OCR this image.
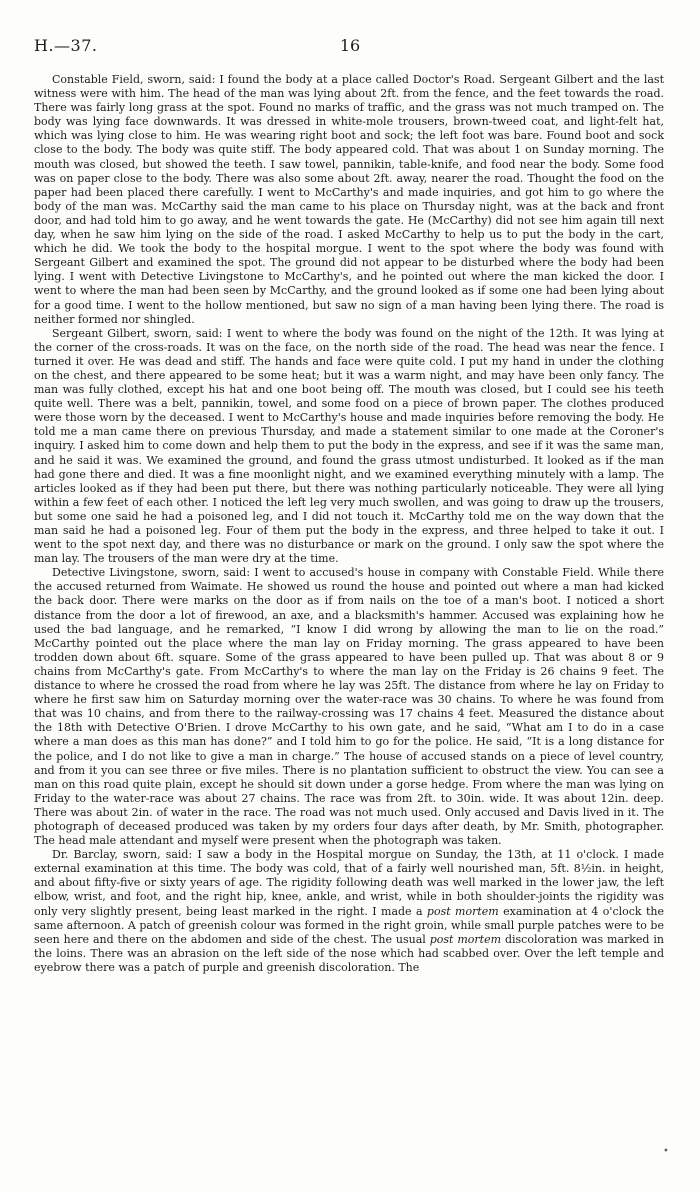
H.—37.	16

Constable Field, sworn, said: I found the body at a place called Doctor's Road. Sergeant Gilbert and the last witness were with him. The head of the man was lying about 2ft. from the fence, and the feet towards the road. There was fairly long grass at the spot. Found no marks of traffic, and the grass was not much tramped on. The body was lying face downwards. It was dressed in white-mole trousers, brown-tweed coat, and light-felt hat, which was lying close to him. He was wearing right boot and sock; the left foot was bare. Found boot and sock close to the body. The body was quite stiff. The body appeared cold. That was about 1 on Sunday morning. The mouth was closed, but showed the teeth. I saw towel, pannikin, table-knife, and food near the body. Some food was on paper close to the body. There was also some about 2ft. away, nearer the road. Thought the food on the paper had been placed there carefully. I went to McCarthy's and made inquiries, and got him to go where the body of the man was. McCarthy said the man came to his place on Thursday night, was at the back and front door, and had told him to go away, and he went towards the gate. He (McCarthy) did not see him again till next day, when he saw him lying on the side of the road. I asked McCarthy to help us to put the body in the cart, which he did. We took the body to the hospital morgue. I went to the spot where the body was found with Sergeant Gilbert and examined the spot. The ground did not appear to be disturbed where the body had been lying. I went with Detective Livingstone to McCarthy's, and he pointed out where the man kicked the door. I went to where the man had been seen by McCarthy, and the ground looked as if some one had been lying about for a good time. I went to the hollow mentioned, but saw no sign of a man having been lying there. The road is neither formed nor shingled.

Sergeant Gilbert, sworn, said: I went to where the body was found on the night of the 12th. It was lying at the corner of the cross-roads. It was on the face, on the north side of the road. The head was near the fence. I turned it over. He was dead and stiff. The hands and face were quite cold. I put my hand in under the clothing on the chest, and there appeared to be some heat; but it was a warm night, and may have been only fancy. The man was fully clothed, except his hat and one boot being off. The mouth was closed, but I could see his teeth quite well. There was a belt, pannikin, towel, and some food on a piece of brown paper. The clothes produced were those worn by the deceased. I went to McCarthy's house and made inquiries before removing the body. He told me a man came there on previous Thursday, and made a statement similar to one made at the Coroner's inquiry. I asked him to come down and help them to put the body in the express, and see if it was the same man, and he said it was. We examined the ground, and found the grass utmost undisturbed. It looked as if the man had gone there and died. It was a fine moonlight night, and we examined everything minutely with a lamp. The articles looked as if they had been put there, but there was nothing particularly noticeable. They were all lying within a few feet of each other. I noticed the left leg very much swollen, and was going to draw up the trousers, but some one said he had a poisoned leg, and I did not touch it. McCarthy told me on the way down that the man said he had a poisoned leg. Four of them put the body in the express, and three helped to take it out. I went to the spot next day, and there was no disturbance or mark on the ground. I only saw the spot where the man lay. The trousers of the man were dry at the time.

Detective Livingstone, sworn, said: I went to accused's house in company with Constable Field. While there the accused returned from Waimate. He showed us round the house and pointed out where a man had kicked the back door. There were marks on the door as if from nails on the toe of a man's boot. I noticed a short distance from the door a lot of firewood, an axe, and a blacksmith's hammer. Accused was explaining how he used the bad language, and he remarked, “I know I did wrong by allowing the man to lie on the road.” McCarthy pointed out the place where the man lay on Friday morning. The grass appeared to have been trodden down about 6ft. square. Some of the grass appeared to have been pulled up. That was about 8 or 9 chains from McCarthy's gate. From McCarthy's to where the man lay on the Friday is 26 chains 9 feet. The distance to where he crossed the road from where he lay was 25ft. The distance from where he lay on Friday to where he first saw him on Saturday morning over the water-race was 30 chains. To where he was found from that was 10 chains, and from there to the railway-crossing was 17 chains 4 feet. Measured the distance about the 18th with Detective O'Brien. I drove McCarthy to his own gate, and he said, “What am I to do in a case where a man does as this man has done?” and I told him to go for the police. He said, “It is a long distance for the police, and I do not like to give a man in charge.” The house of accused stands on a piece of level country, and from it you can see three or five miles. There is no plantation sufficient to obstruct the view. You can see a man on this road quite plain, except he should sit down under a gorse hedge. From where the man was lying on Friday to the water-race was about 27 chains. The race was from 2ft. to 30in. wide. It was about 12in. deep. There was about 2in. of water in the race. The road was not much used. Only accused and Davis lived in it. The photograph of deceased produced was taken by my orders four days after death, by Mr. Smith, photographer. The head male attendant and myself were present when the photograph was taken.

Dr. Barclay, sworn, said: I saw a body in the Hospital morgue on Sunday, the 13th, at 11 o'clock. I made external examination at this time. The body was cold, that of a fairly well nourished man, 5ft. 8½in. in height, and about fifty-five or sixty years of age. The rigidity following death was well marked in the lower jaw, the left elbow, wrist, and foot, and the right hip, knee, ankle, and wrist, while in both shoulder-joints the rigidity was only very slightly present, being least marked in the right. I made a post mortem examination at 4 o'clock the same afternoon. A patch of greenish colour was formed in the right groin, while small purple patches were to be seen here and there on the abdomen and side of the chest. The usual post mortem discoloration was marked in the loins. There was an abrasion on the left side of the nose which had scabbed over. Over the left temple and eyebrow there was a patch of purple and greenish discoloration. The

•
